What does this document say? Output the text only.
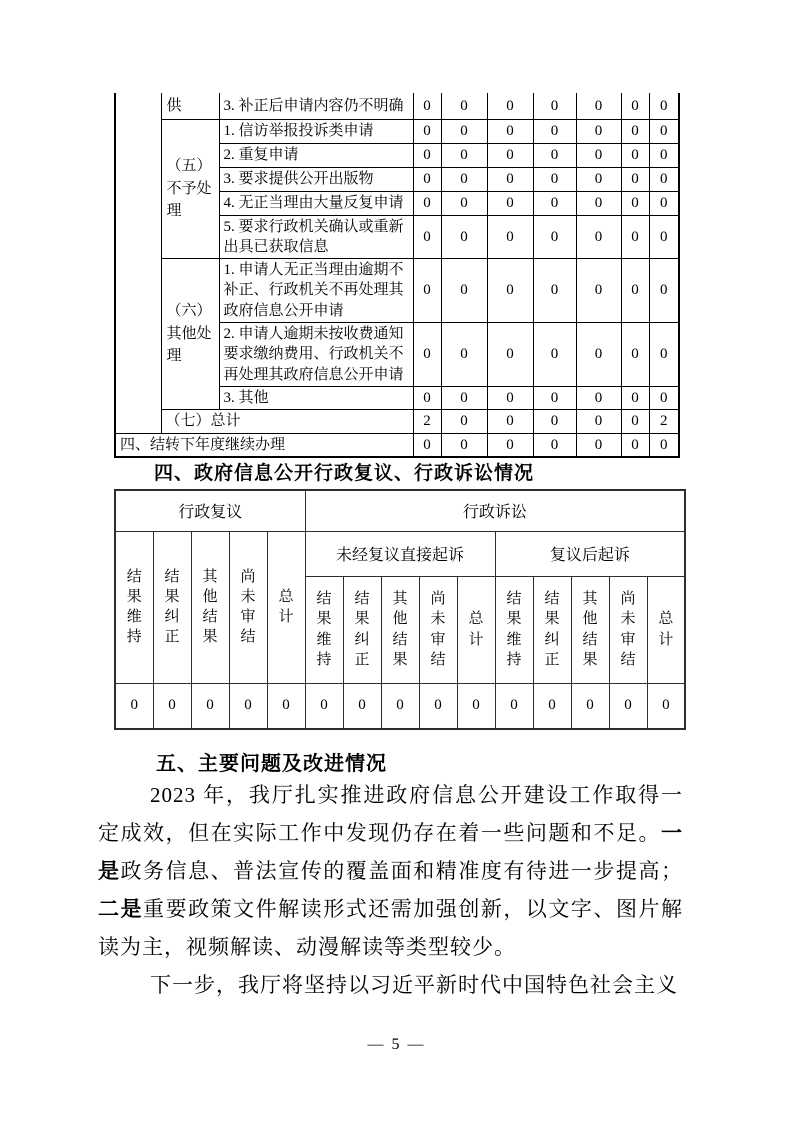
	供	3. 补正后申请内容仍不明确	0	0	0	0	0	0	0
	（五）不予处理	1. 信访举报投诉类申请	0	0	0	0	0	0	0
		2. 重复申请	0	0	0	0	0	0	0
		3. 要求提供公开出版物	0	0	0	0	0	0	0
		4. 无正当理由大量反复申请	0	0	0	0	0	0	0
		5. 要求行政机关确认或重新出具已获取信息	0	0	0	0	0	0	0
	（六）其他处理	1. 申请人无正当理由逾期不补正、行政机关不再处理其政府信息公开申请	0	0	0	0	0	0	0
		2. 申请人逾期未按收费通知要求缴纳费用、行政机关不再处理其政府信息公开申请	0	0	0	0	0	0	0
		3. 其他	0	0	0	0	0	0	0
	（七）总计		2	0	0	0	0	0	2
四、结转下年度继续办理			0	0	0	0	0	0	0
四、政府信息公开行政复议、行政诉讼情况
行政复议					行政诉讼									

结果维持	结果纠正	其他结果	尚未审结	总计	未经复议直接起诉					复议后起诉				

					结果维持	结果纠正	其他结果	尚未审结	总计	结果维持	结果纠正	其他结果	尚未审结	总计

0	0	0	0	0	0	0	0	0	0	0	0	0	0	0
五、主要问题及改进情况

2023 年，我厅扎实推进政府信息公开建设工作取得一定成效，但在实际工作中发现仍存在着一些问题和不足。一是政务信息、普法宣传的覆盖面和精准度有待进一步提高；二是重要政策文件解读形式还需加强创新，以文字、图片解读为主，视频解读、动漫解读等类型较少。

下一步，我厅将坚持以习近平新时代中国特色社会主义

— 5 —
